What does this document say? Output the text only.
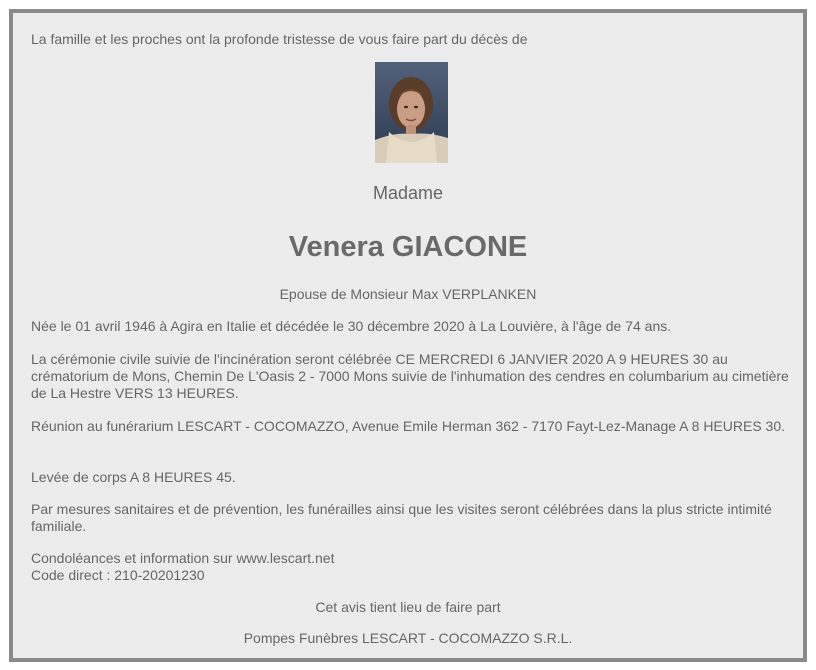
La famille et les proches ont la profonde tristesse de vous faire part du décès de
Madame
Venera GIACONE
Epouse de Monsieur Max VERPLANKEN
Née le 01 avril 1946 à Agira en Italie et décédée le 30 décembre 2020 à La Louvière, à l'âge de 74 ans.
La cérémonie civile suivie de l'incinération seront célébrée CE MERCREDI 6 JANVIER 2020 A 9 HEURES 30 au crématorium de Mons, Chemin De L'Oasis 2 - 7000 Mons suivie de l'inhumation des cendres en columbarium au cimetière de La Hestre VERS 13 HEURES.
Réunion au funérarium LESCART - COCOMAZZO, Avenue Emile Herman 362 - 7170 Fayt-Lez-Manage A 8 HEURES 30.
Levée de corps A 8 HEURES 45.
Par mesures sanitaires et de prévention, les funérailles ainsi que les visites seront célébrées dans la plus stricte intimité familiale.
Condoléances et information sur www.lescart.net
Code direct : 210-20201230
Cet avis tient lieu de faire part
Pompes Funèbres LESCART - COCOMAZZO S.R.L.
